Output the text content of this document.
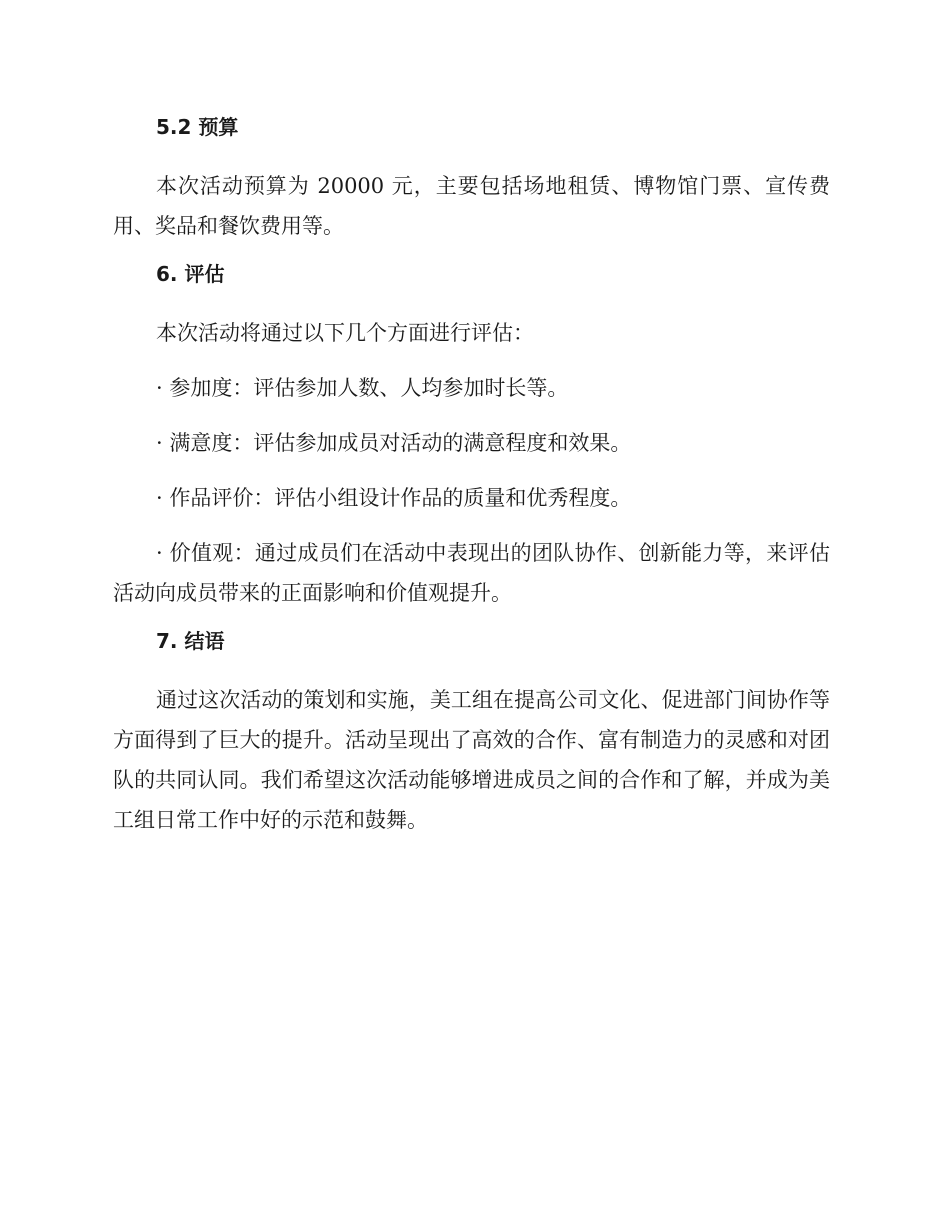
5.2 预算

本次活动预算为 20000 元，主要包括场地租赁、博物馆门票、宣传费用、奖品和餐饮费用等。

6. 评估

本次活动将通过以下几个方面进行评估：

· 参加度：评估参加人数、人均参加时长等。

· 满意度：评估参加成员对活动的满意程度和效果。

· 作品评价：评估小组设计作品的质量和优秀程度。

· 价值观：通过成员们在活动中表现出的团队协作、创新能力等，来评估活动向成员带来的正面影响和价值观提升。

7. 结语

通过这次活动的策划和实施，美工组在提高公司文化、促进部门间协作等方面得到了巨大的提升。活动呈现出了高效的合作、富有制造力的灵感和对团队的共同认同。我们希望这次活动能够增进成员之间的合作和了解，并成为美工组日常工作中好的示范和鼓舞。
